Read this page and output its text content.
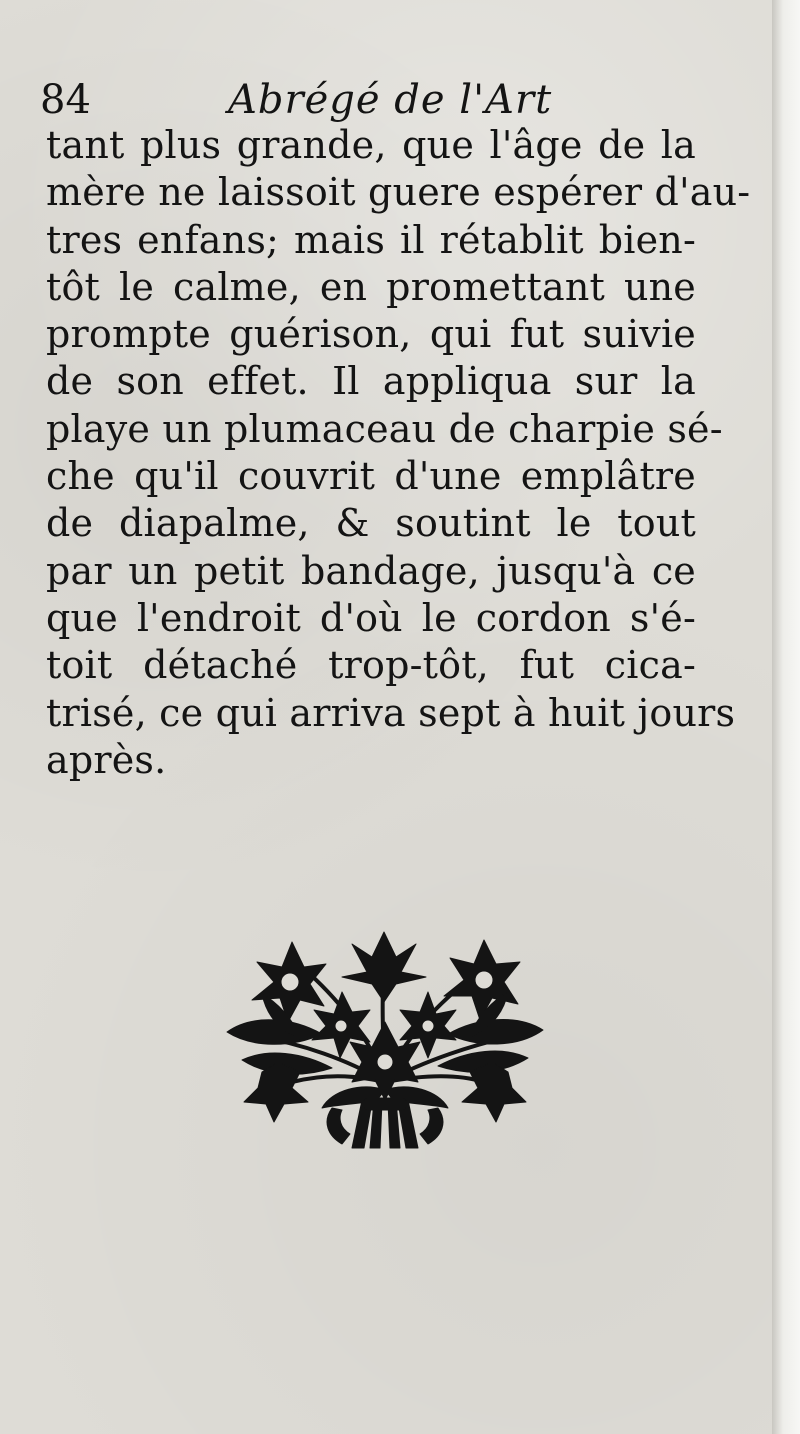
84	Abrégé de l'Art
tant plus grande, que l'âge de la
mère ne laissoit guere espérer d'au-
tres enfans; mais il rétablit bien-
tôt le calme, en promettant une
prompte guérison, qui fut suivie
de son effet. Il appliqua sur la
playe un plumaceau de charpie sé-
che qu'il couvrit d'une emplâtre
de diapalme, & soutint le tout
par un petit bandage, jusqu'à ce
que l'endroit d'où le cordon s'é-
toit détaché trop-tôt, fut cica-
trisé, ce qui arriva sept à huit jours
après.
